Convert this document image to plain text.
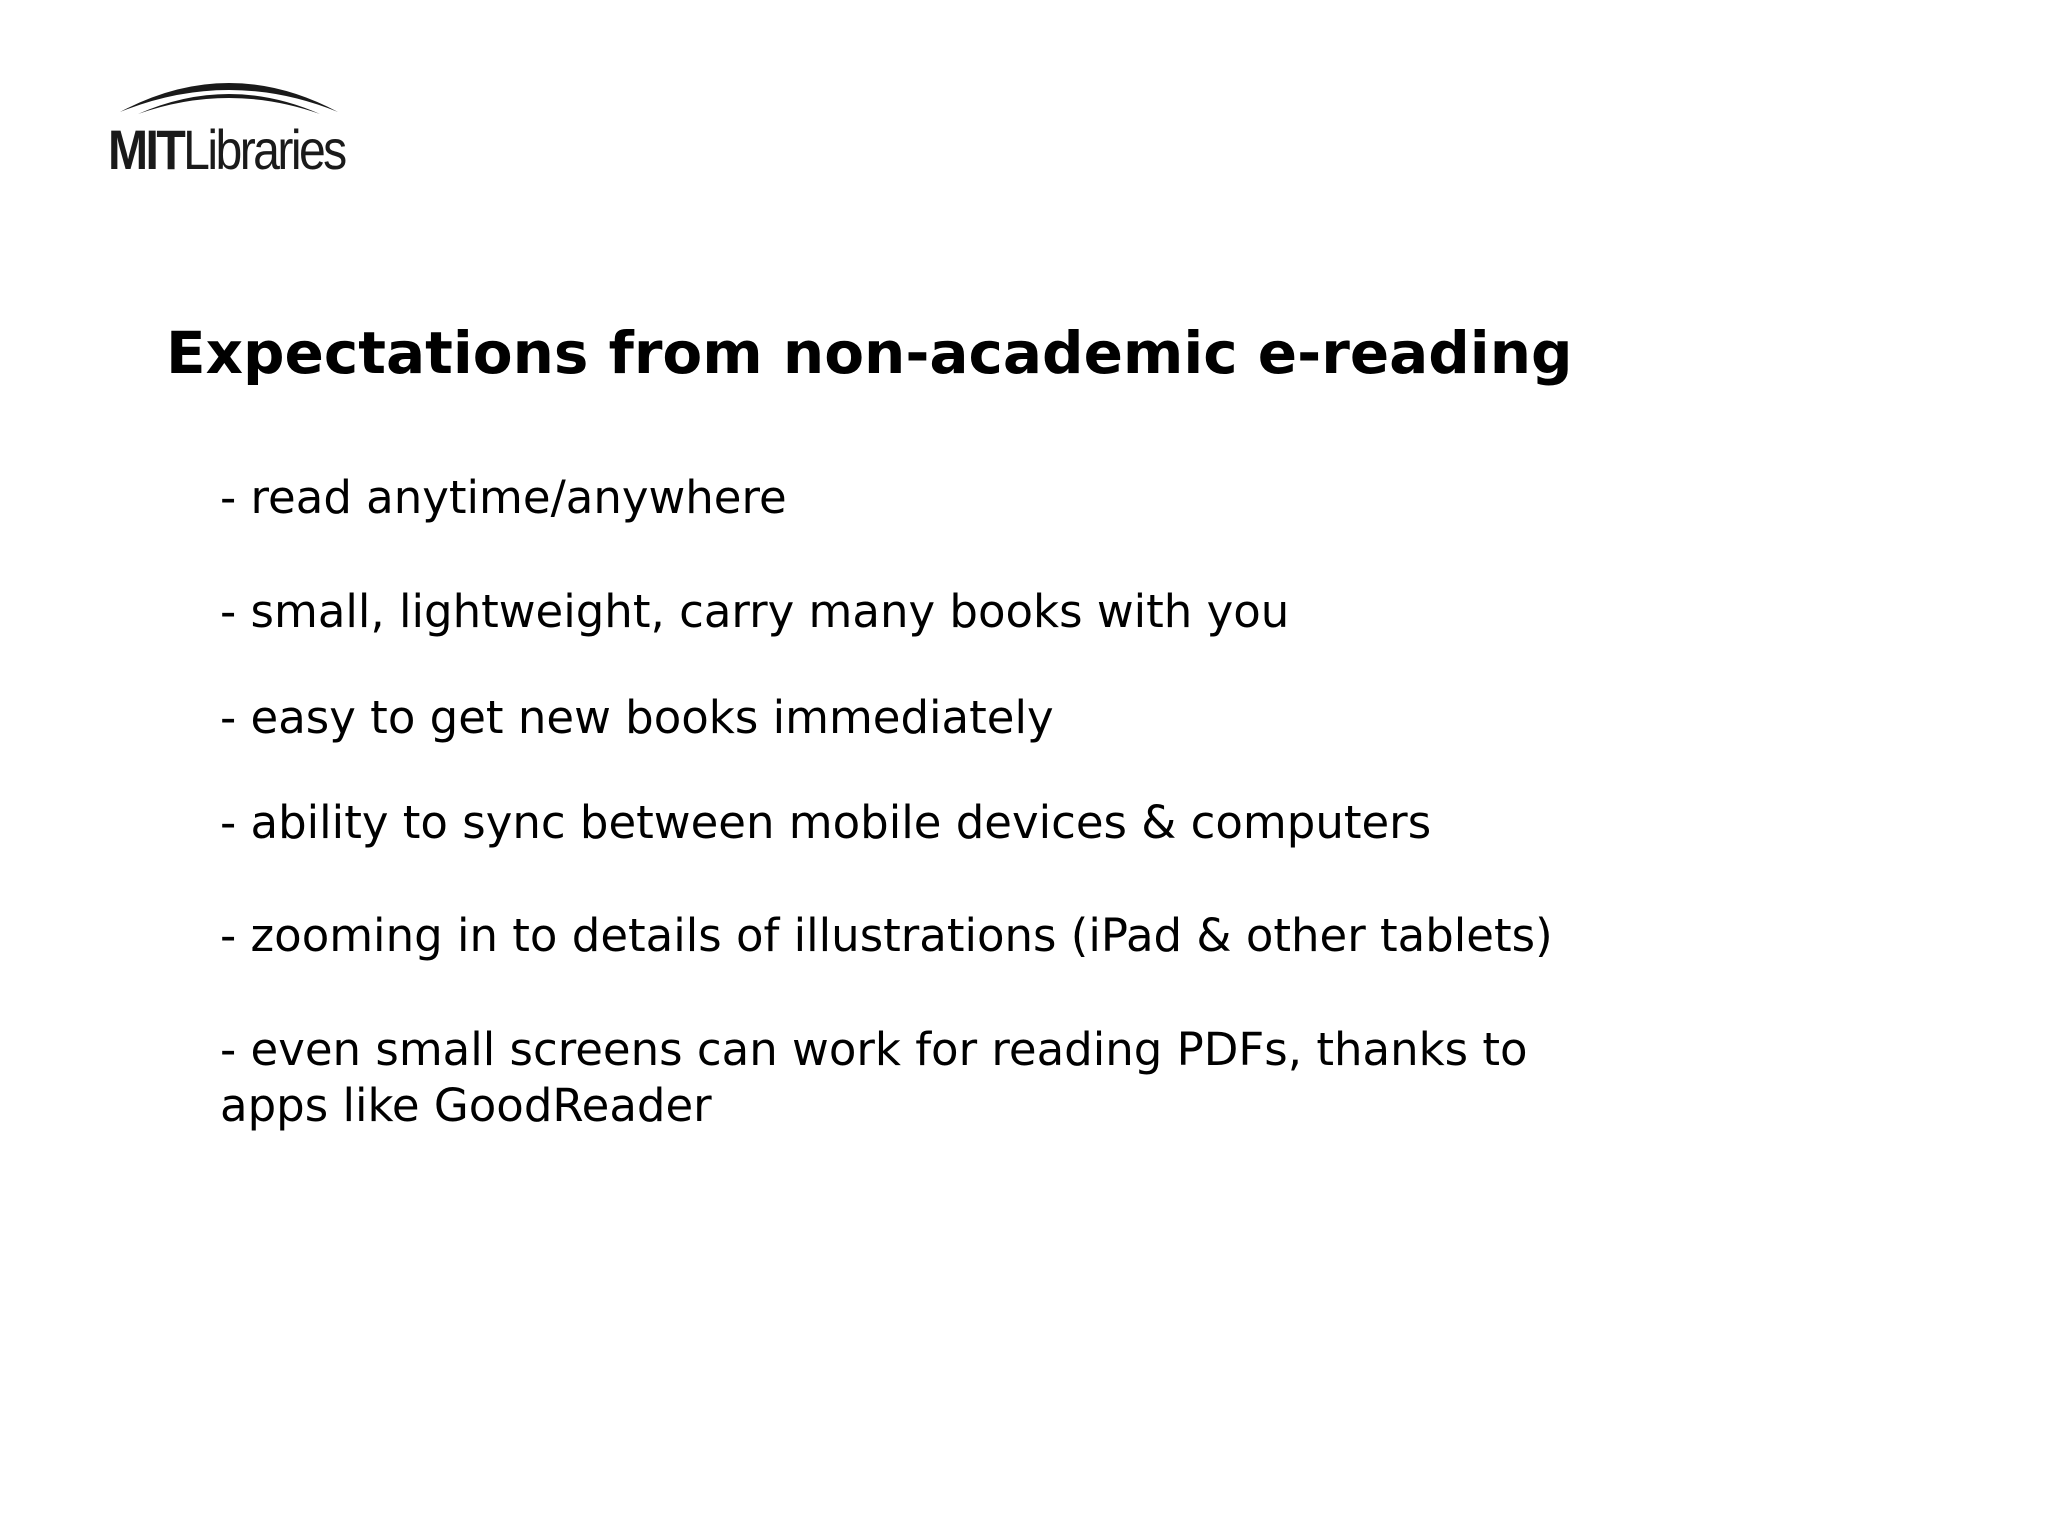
MITLibraries
Expectations from non-academic e-reading
- read anytime/anywhere
- small, lightweight, carry many books with you
- easy to get new books immediately
- ability to sync between mobile devices & computers
- zooming in to details of illustrations (iPad & other tablets)
- even small screens can work for reading PDFs, thanks to apps like GoodReader
